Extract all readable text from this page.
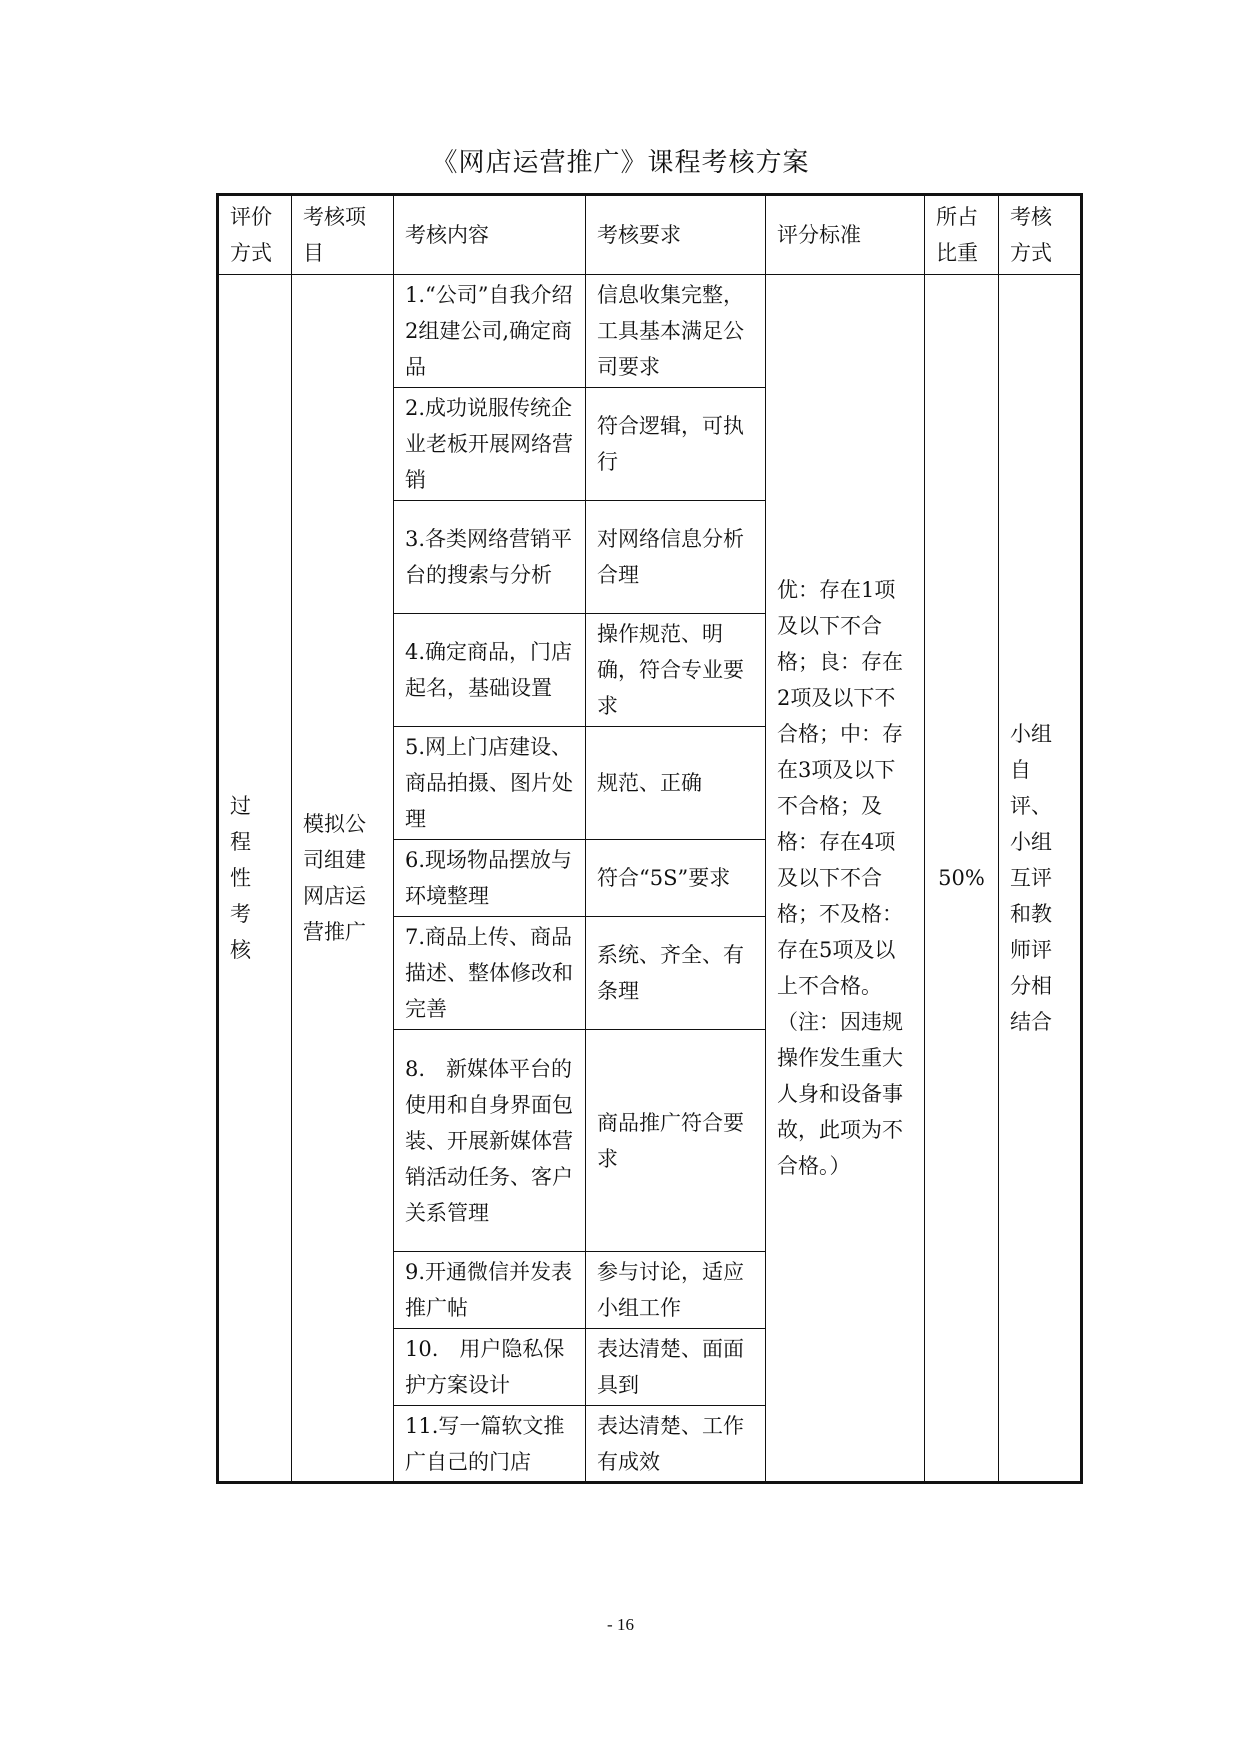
《网店运营推广》课程考核方案
评价方式	考核项目	考核内容	考核要求	评分标准	所占比重	考核方式
过程性考核	模拟公司组建网店运营推广	1.“公司”自我介绍2组建公司,确定商品	信息收集完整，工具基本满足公司要求	优：存在1项及以下不合格；良：存在2项及以下不合格；中：存在3项及以下不合格；及格：存在4项及以下不合格；不及格：存在5项及以上不合格。（注：因违规操作发生重大人身和设备事故，此项为不合格。）	50%	小组自评、小组互评和教师评分相结合
		2.成功说服传统企业老板开展网络营销	符合逻辑，可执行			
		3.各类网络营销平台的搜索与分析	对网络信息分析合理			
		4.确定商品，门店起名，基础设置	操作规范、明确，符合专业要求			
		5.网上门店建设、商品拍摄、图片处理	规范、正确			
		6.现场物品摆放与环境整理	符合“5S”要求			
		7.商品上传、商品描述、整体修改和完善	系统、齐全、有条理			
		8.　新媒体平台的使用和自身界面包装、开展新媒体营销活动任务、客户关系管理	商品推广符合要求			
		9.开通微信并发表推广帖	参与讨论，适应小组工作			
		10.　用户隐私保护方案设计	表达清楚、面面具到			
		11.写一篇软文推广自己的门店	表达清楚、工作有成效			
- 16
